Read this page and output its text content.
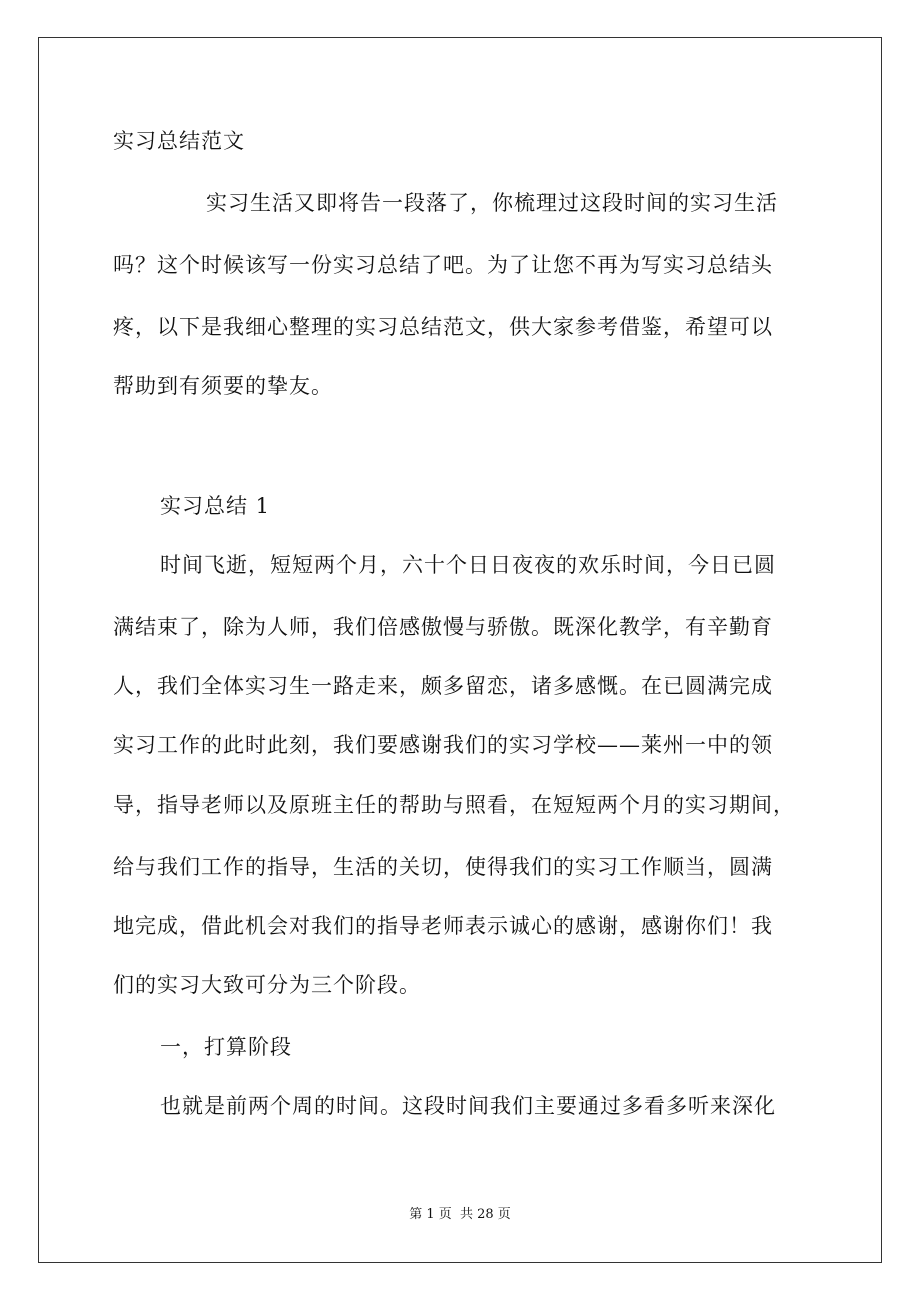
实习总结范文
实习生活又即将告一段落了，你梳理过这段时间的实习生活
吗？这个时候该写一份实习总结了吧。为了让您不再为写实习总结头
疼，以下是我细心整理的实习总结范文，供大家参考借鉴，希望可以
帮助到有须要的挚友。
实习总结 1
时间飞逝，短短两个月，六十个日日夜夜的欢乐时间，今日已圆
满结束了，除为人师，我们倍感傲慢与骄傲。既深化教学，有辛勤育
人，我们全体实习生一路走来，颇多留恋，诸多感慨。在已圆满完成
实习工作的此时此刻，我们要感谢我们的实习学校——莱州一中的领
导，指导老师以及原班主任的帮助与照看，在短短两个月的实习期间，
给与我们工作的指导，生活的关切，使得我们的实习工作顺当，圆满
地完成，借此机会对我们的指导老师表示诚心的感谢，感谢你们！我
们的实习大致可分为三个阶段。
一，打算阶段
也就是前两个周的时间。这段时间我们主要通过多看多听来深化
第 1 页 共 28 页
